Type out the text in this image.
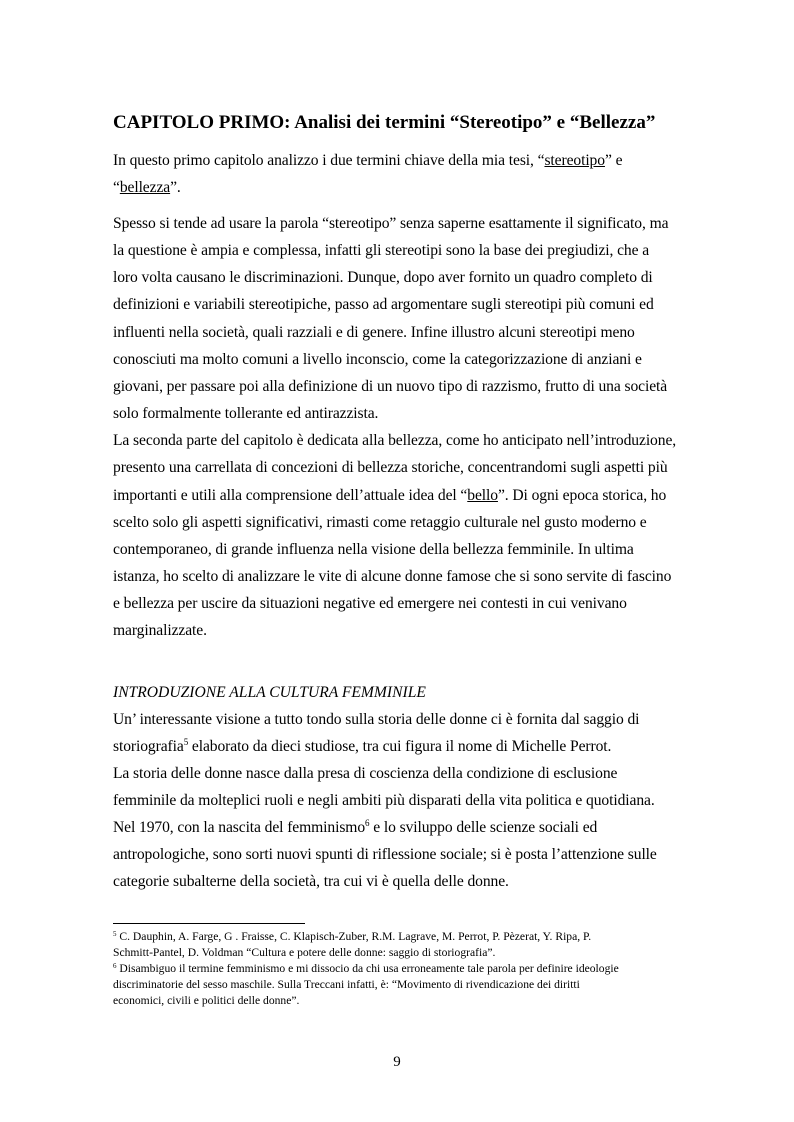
CAPITOLO PRIMO: Analisi dei termini “Stereotipo” e “Bellezza”
In questo primo capitolo analizzo i due termini chiave della mia tesi, “stereotipo” e
“bellezza”.
Spesso si tende ad usare la parola “stereotipo” senza saperne esattamente il significato, ma
la questione è ampia e complessa, infatti gli stereotipi sono la base dei pregiudizi, che a
loro volta causano le discriminazioni. Dunque, dopo aver fornito un quadro completo di
definizioni e variabili stereotipiche, passo ad argomentare sugli stereotipi più comuni ed
influenti nella società, quali razziali e di genere. Infine illustro alcuni stereotipi meno
conosciuti ma molto comuni a livello inconscio, come la categorizzazione di anziani e
giovani, per passare poi alla definizione di un nuovo tipo di razzismo, frutto di una società
solo formalmente tollerante ed antirazzista.
La seconda parte del capitolo è dedicata alla bellezza, come ho anticipato nell’introduzione,
presento una carrellata di concezioni di bellezza storiche, concentrandomi sugli aspetti più
importanti e utili alla comprensione dell’attuale idea del “bello”. Di ogni epoca storica, ho
scelto solo gli aspetti significativi, rimasti come retaggio culturale nel gusto moderno e
contemporaneo, di grande influenza nella visione della bellezza femminile. In ultima
istanza, ho scelto di analizzare le vite di alcune donne famose che si sono servite di fascino
e bellezza per uscire da situazioni negative ed emergere nei contesti in cui venivano
marginalizzate.
INTRODUZIONE ALLA CULTURA FEMMINILE
Un’ interessante visione a tutto tondo sulla storia delle donne ci è fornita dal saggio di
storiografia$^5$ elaborato da dieci studiose, tra cui figura il nome di Michelle Perrot.
La storia delle donne nasce dalla presa di coscienza della condizione di esclusione
femminile da molteplici ruoli e negli ambiti più disparati della vita politica e quotidiana.
Nel 1970, con la nascita del femminismo$^6$ e lo sviluppo delle scienze sociali ed
antropologiche, sono sorti nuovi spunti di riflessione sociale; si è posta l’attenzione sulle
categorie subalterne della società, tra cui vi è quella delle donne.
$^5$ C. Dauphin, A. Farge, G . Fraisse, C. Klapisch-Zuber, R.M. Lagrave, M. Perrot, P. Pèzerat, Y. Ripa, P.
Schmitt-Pantel, D. Voldman “Cultura e potere delle donne: saggio di storiografia”.
$^6$ Disambiguo il termine femminismo e mi dissocio da chi usa erroneamente tale parola per definire ideologie
discriminatorie del sesso maschile. Sulla Treccani infatti, è: “Movimento di rivendicazione dei diritti
economici, civili e politici delle donne”.
9
